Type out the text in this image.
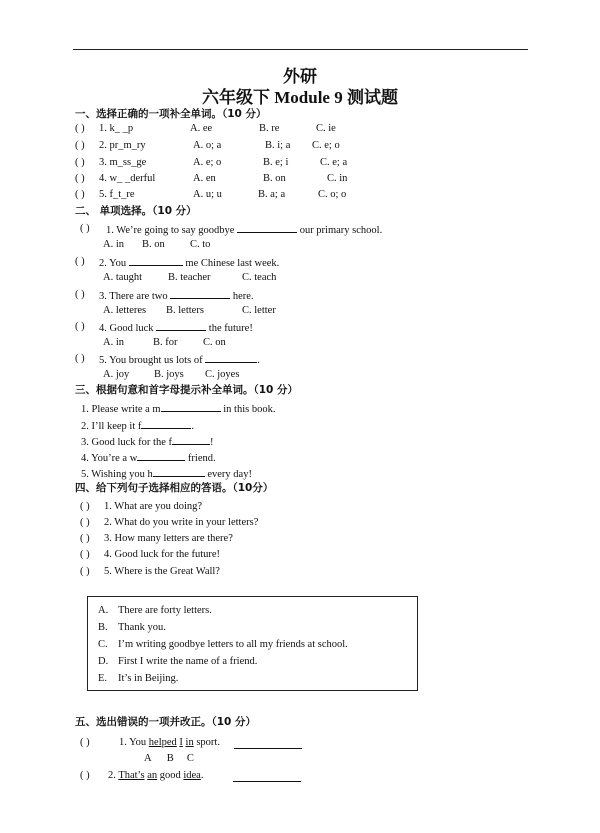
外研
六年级下 Module 9 测试题
一、选择正确的一项补全单词。（10 分）
( ) 1. k_ _p	A. ee	B. re	C. ie
( ) 2. pr_m_ry	A. o; a	B. i; a C. e; o
( ) 3. m_ss_ge	A. e; o	B. e; i	C. e; a
( ) 4. w_ _derful	A. en	B. on	C. in
( ) 5. f_t_re	A. u; u	B. a; a	C. o; o
二、 单项选择。（10 分）
( ) 1. We’re going to say goodbye	our primary school.
A. in B. on C. to
( ) 2. You	me Chinese last week.
A. taught B. teacher	C. teach
( ) 3. There are two	here.
A. letteres B. letters	C. letter
( ) 4. Good luck	the future!
A. in	B. for C. on
( ) 5. You brought us lots of	.
A. joy B. joys C. joyes
三、根据句意和首字母提示补全单词。（10 分）
1. Please write a m	in this book.
2. I’ll keep it f	.
3. Good luck for the f	!
4. You’re a w	friend.
5. Wishing you h	every day!
四、给下列句子选择相应的答语。（10分）
( ) 1. What are you doing?
( ) 2. What do you write in your letters?
( ) 3. How many letters are there?
( ) 4. Good luck for the future!
( ) 5. Where is the Great Wall?
A. There are forty letters.
B. Thank you.
C. I’m writing goodbye letters to all my friends at school.
D. First I write the name of a friend.
E. It’s in Beijing.
五、选出错误的一项并改正。（10 分）
( )	1. You helped I in sport.
A      B     C
( ) 2. That’s an good idea.
